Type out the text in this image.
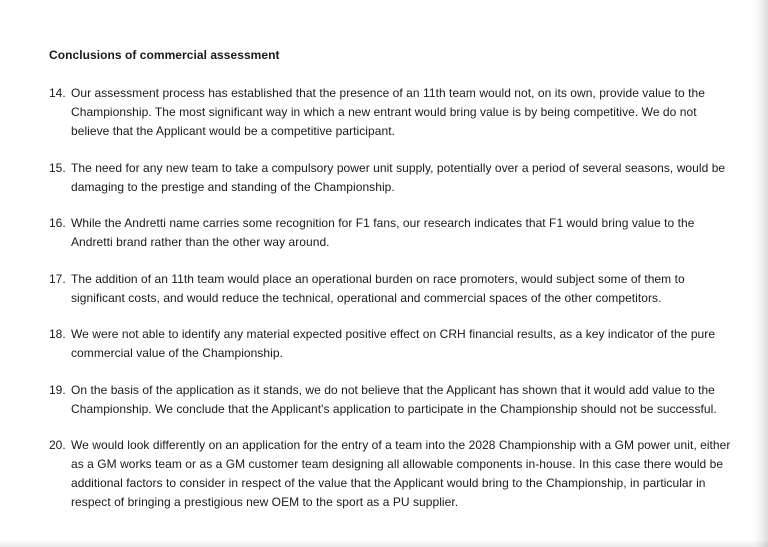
Conclusions of commercial assessment
14. Our assessment process has established that the presence of an 11th team would not, on its own, provide value to the Championship. The most significant way in which a new entrant would bring value is by being competitive. We do not believe that the Applicant would be a competitive participant.
15. The need for any new team to take a compulsory power unit supply, potentially over a period of several seasons, would be damaging to the prestige and standing of the Championship.
16. While the Andretti name carries some recognition for F1 fans, our research indicates that F1 would bring value to the Andretti brand rather than the other way around.
17. The addition of an 11th team would place an operational burden on race promoters, would subject some of them to significant costs, and would reduce the technical, operational and commercial spaces of the other competitors.
18. We were not able to identify any material expected positive effect on CRH financial results, as a key indicator of the pure commercial value of the Championship.
19. On the basis of the application as it stands, we do not believe that the Applicant has shown that it would add value to the Championship. We conclude that the Applicant's application to participate in the Championship should not be successful.
20. We would look differently on an application for the entry of a team into the 2028 Championship with a GM power unit, either as a GM works team or as a GM customer team designing all allowable components in-house. In this case there would be additional factors to consider in respect of the value that the Applicant would bring to the Championship, in particular in respect of bringing a prestigious new OEM to the sport as a PU supplier.
